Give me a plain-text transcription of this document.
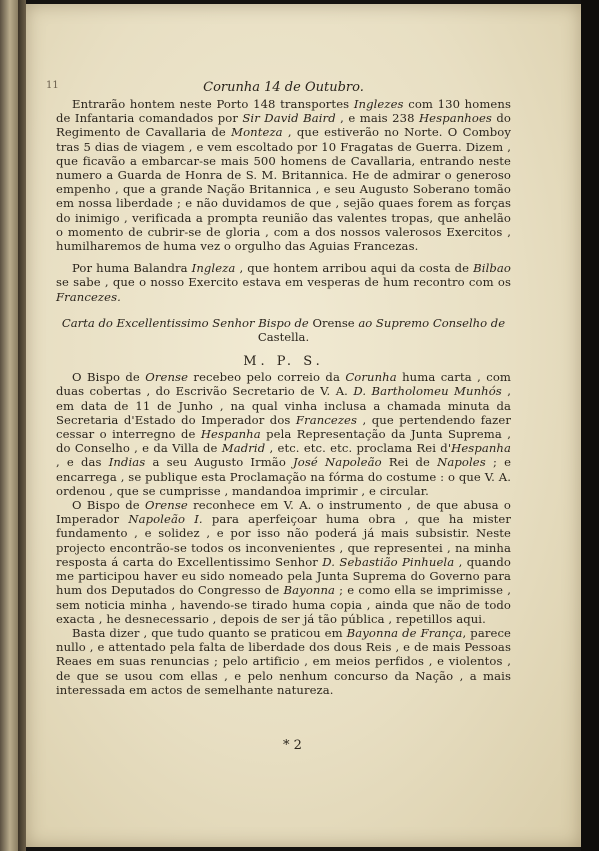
11	Corunha 14 de Outubro.

Entrarão hontem neste Porto 148 transportes Inglezes com 130 homens de Infantaria comandados por Sir David Baird , e mais 238 Hespanhoes do Regimento de Cavallaria de Monteza , que estiverão no Norte. O Comboy tras 5 dias de viagem , e vem escoltado por 10 Fragatas de Guerra. Dizem , que ficavão a embarcar-se mais 500 homens de Cavallaria, entrando neste numero a Guarda de Honra de S. M. Britannica. He de admirar o generoso empenho , que a grande Nação Britannica , e seu Augusto Soberano tomão em nossa liberdade ; e não duvidamos de que , sejão quaes forem as forças do inimigo , verificada a prompta reunião das valentes tropas, que anhelão o momento de cubrir-se de gloria , com a dos nossos valerosos Exercitos , humilharemos de huma vez o orgulho das Aguias Francezas.

Por huma Balandra Ingleza , que hontem arribou aqui da costa de Bilbao se sabe , que o nosso Exercito estava em vesperas de hum recontro com os Francezes.

Carta do Excellentissimo Senhor Bispo de Orense ao Supremo Conselho de Castella.
M. P. S.

O Bispo de Orense recebeo pelo correio da Corunha huma carta , com duas cobertas , do Escrivão Secretario de V. A. D. Bartholomeu Munhós , em data de 11 de Junho , na qual vinha inclusa a chamada minuta da Secretaria d'Estado do Imperador dos Francezes , que pertendendo fazer cessar o interregno de Hespanha pela Representação da Junta Suprema , do Conselho , e da Villa de Madrid , etc. etc. etc. proclama Rei d'Hespanha , e das Indias a seu Augusto Irmão José Napoleão Rei de Napoles ; e encarrega , se publique esta Proclamação na fórma do costume : o que V. A. ordenou , que se cumprisse , mandandoa imprimir , e circular.

O Bispo de Orense reconhece em V. A. o instrumento , de que abusa o Imperador Napoleão I. para aperfeiçoar huma obra , que ha mister fundamento , e solidez , e por isso não poderá já mais subsistir. Neste projecto encontrão-se todos os inconvenientes , que representei , na minha resposta á carta do Excellentissimo Senhor D. Sebastião Pinhuela , quando me participou haver eu sido nomeado pela Junta Suprema do Governo para hum dos Deputados do Congresso de Bayonna ; e como ella se imprimisse , sem noticia minha , havendo-se tirado huma copia , ainda que não de todo exacta , he desnecessario , depois de ser já tão pública , repetillos aqui.

Basta dizer , que tudo quanto se praticou em Bayonna de França, parece nullo , e attentado pela falta de liberdade dos dous Reis , e de mais Pessoas Reaes em suas renuncias ; pelo artificio , em meios perfidos , e violentos , de que se usou com ellas , e pelo nenhum concurso da Nação , a mais interessada em actos de semelhante natureza.

* 2
